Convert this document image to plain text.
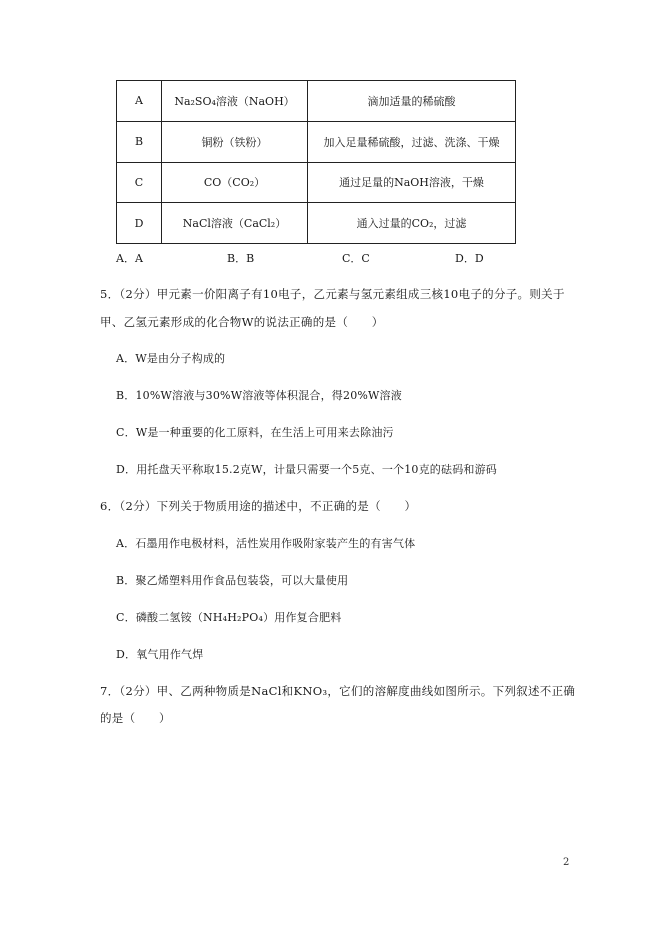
A	Na₂SO₄溶液（NaOH）	滴加适量的稀硫酸
B	铜粉（铁粉）	加入足量稀硫酸，过滤、洗涤、干燥
C	CO（CO₂）	通过足量的NaOH溶液，干燥
D	NaCl溶液（CaCl₂）	通入过量的CO₂，过滤
A．A	B．B	C．C	D．D
5．（2分）甲元素一价阳离子有10电子，乙元素与氢元素组成三核10电子的分子。则关于
甲、乙氢元素形成的化合物W的说法正确的是（　　）
A．W是由分子构成的
B．10%W溶液与30%W溶液等体积混合，得20%W溶液
C．W是一种重要的化工原料，在生活上可用来去除油污
D．用托盘天平称取15.2克W，计量只需要一个5克、一个10克的砝码和游码
6．（2分）下列关于物质用途的描述中，不正确的是（　　）
A．石墨用作电极材料，活性炭用作吸附家装产生的有害气体
B．聚乙烯塑料用作食品包装袋，可以大量使用
C．磷酸二氢铵（NH₄H₂PO₄）用作复合肥料
D．氧气用作气焊
7．（2分）甲、乙两种物质是NaCl和KNO₃，它们的溶解度曲线如图所示。下列叙述不正确
的是（　　）
2
